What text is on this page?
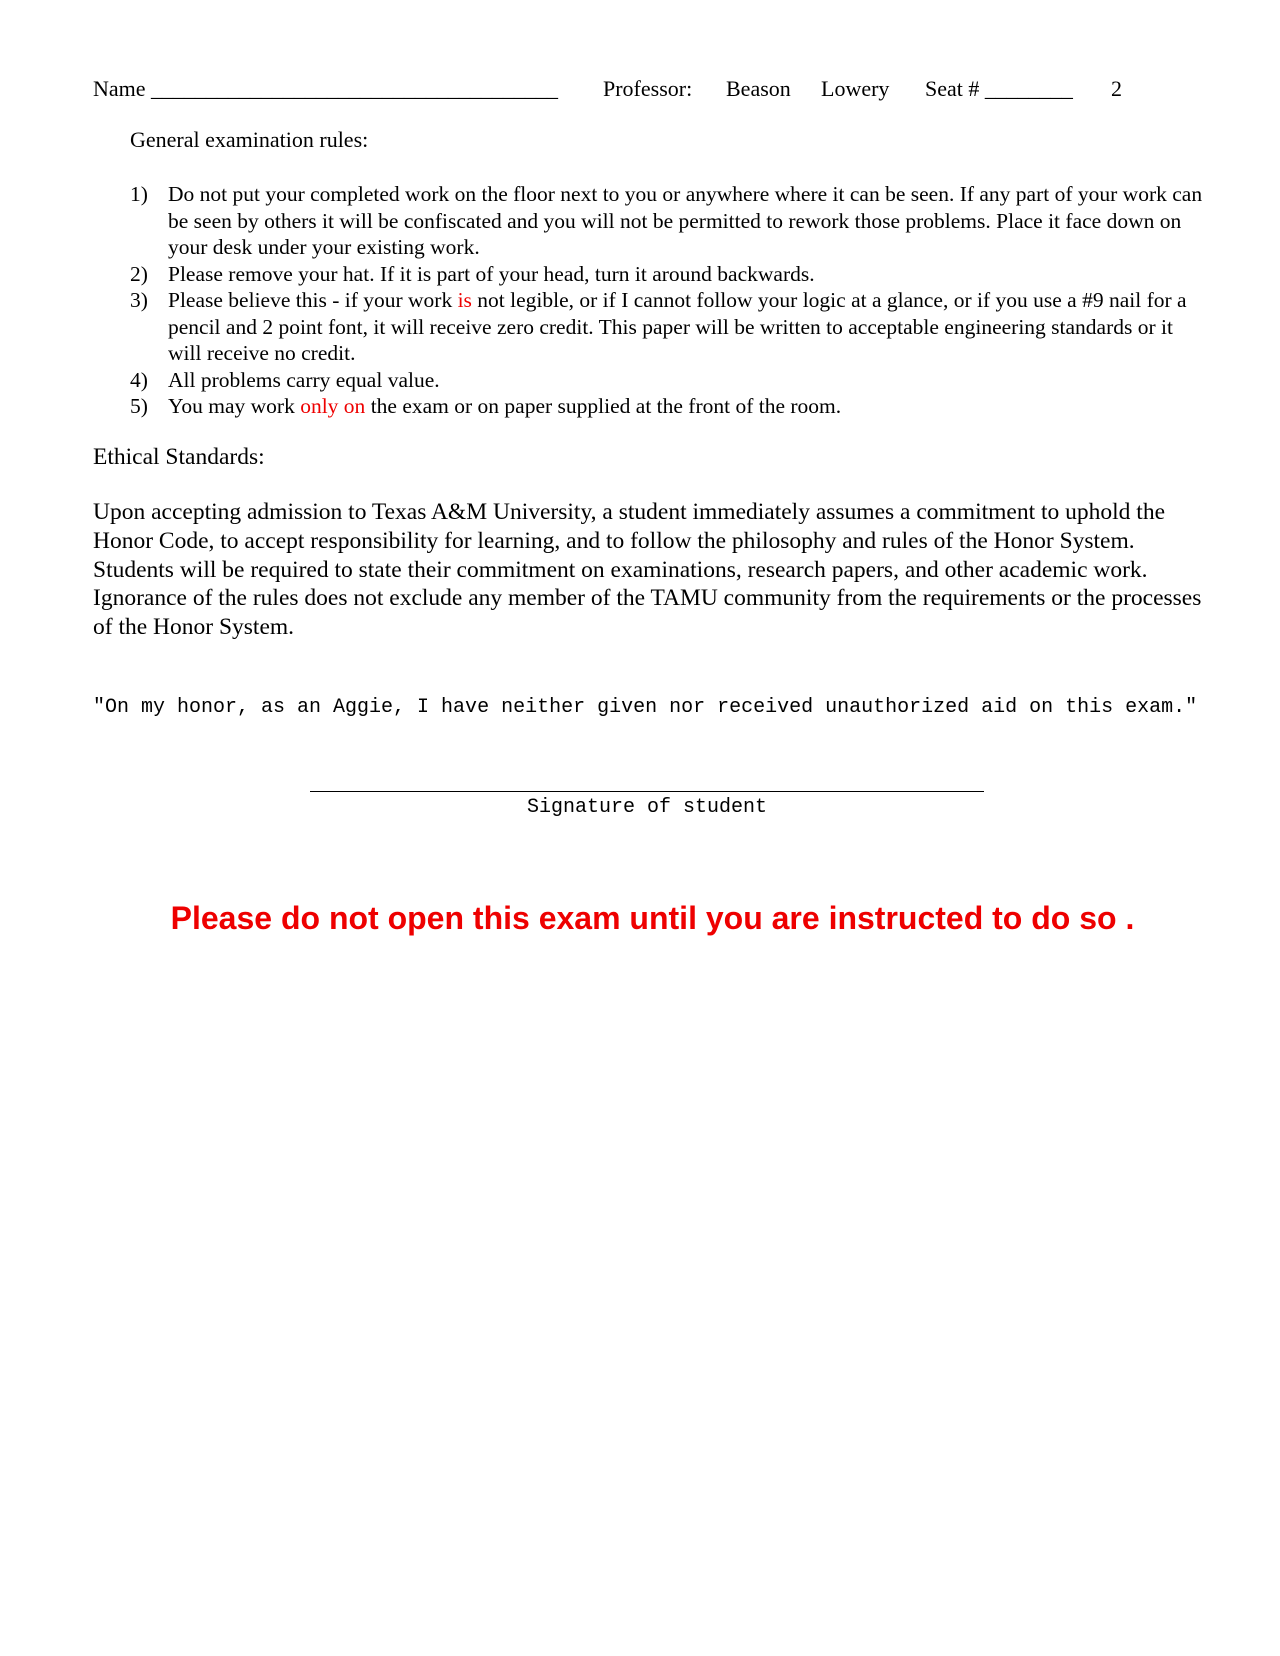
Name _____________________________________ Professor: Beason Lowery Seat # ________ 2
General examination rules:
1) Do not put your completed work on the floor next to you or anywhere where it can be seen. If any part of your work can be seen by others it will be confiscated and you will not be permitted to rework those problems. Place it face down on your desk under your existing work.
2) Please remove your hat. If it is part of your head, turn it around backwards.
3) Please believe this - if your work is not legible, or if I cannot follow your logic at a glance, or if you use a #9 nail for a pencil and 2 point font, it will receive zero credit. This paper will be written to acceptable engineering standards or it will receive no credit.
4) All problems carry equal value.
5) You may work only on the exam or on paper supplied at the front of the room.
Ethical Standards:
Upon accepting admission to Texas A&M University, a student immediately assumes a commitment to uphold the Honor Code, to accept responsibility for learning, and to follow the philosophy and rules of the Honor System. Students will be required to state their commitment on examinations, research papers, and other academic work. Ignorance of the rules does not exclude any member of the TAMU community from the requirements or the processes of the Honor System.
"On my honor, as an Aggie, I have neither given nor received unauthorized aid on this exam."
Signature of student
Please do not open this exam until you are instructed to do so .
